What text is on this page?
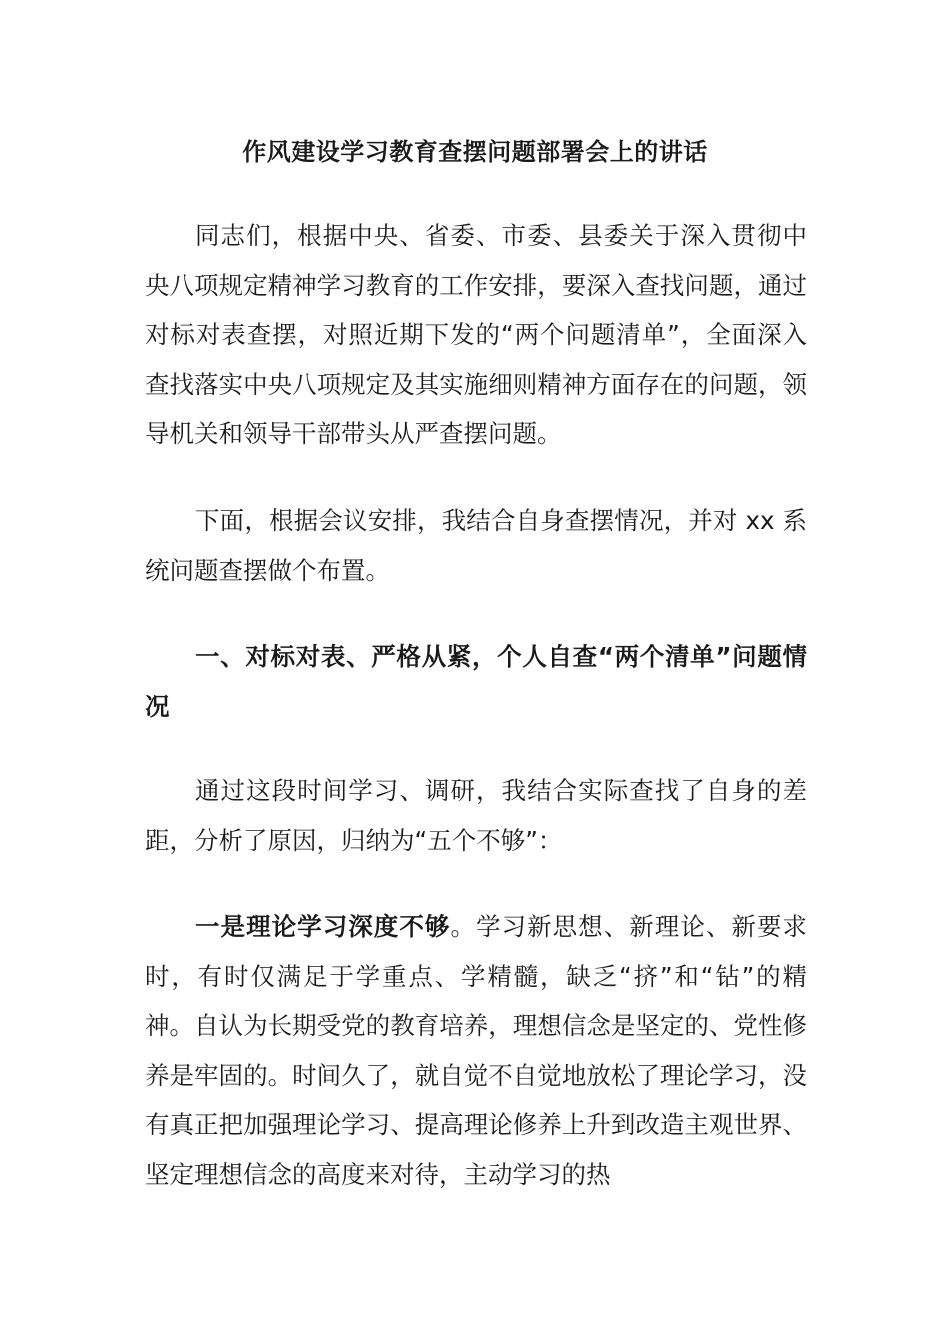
作风建设学习教育查摆问题部署会上的讲话

同志们，根据中央、省委、市委、县委关于深入贯彻中央八项规定精神学习教育的工作安排，要深入查找问题，通过对标对表查摆，对照近期下发的“两个问题清单”，全面深入查找落实中央八项规定及其实施细则精神方面存在的问题，领导机关和领导干部带头从严查摆问题。

下面，根据会议安排，我结合自身查摆情况，并对 xx 系统问题查摆做个布置。

一、对标对表、严格从紧，个人自查“两个清单”问题情况

通过这段时间学习、调研，我结合实际查找了自身的差距，分析了原因，归纳为“五个不够”：

一是理论学习深度不够。学习新思想、新理论、新要求时，有时仅满足于学重点、学精髓，缺乏“挤”和“钻”的精神。自认为长期受党的教育培养，理想信念是坚定的、党性修养是牢固的。时间久了，就自觉不自觉地放松了理论学习，没有真正把加强理论学习、提高理论修养上升到改造主观世界、坚定理想信念的高度来对待，主动学习的热
